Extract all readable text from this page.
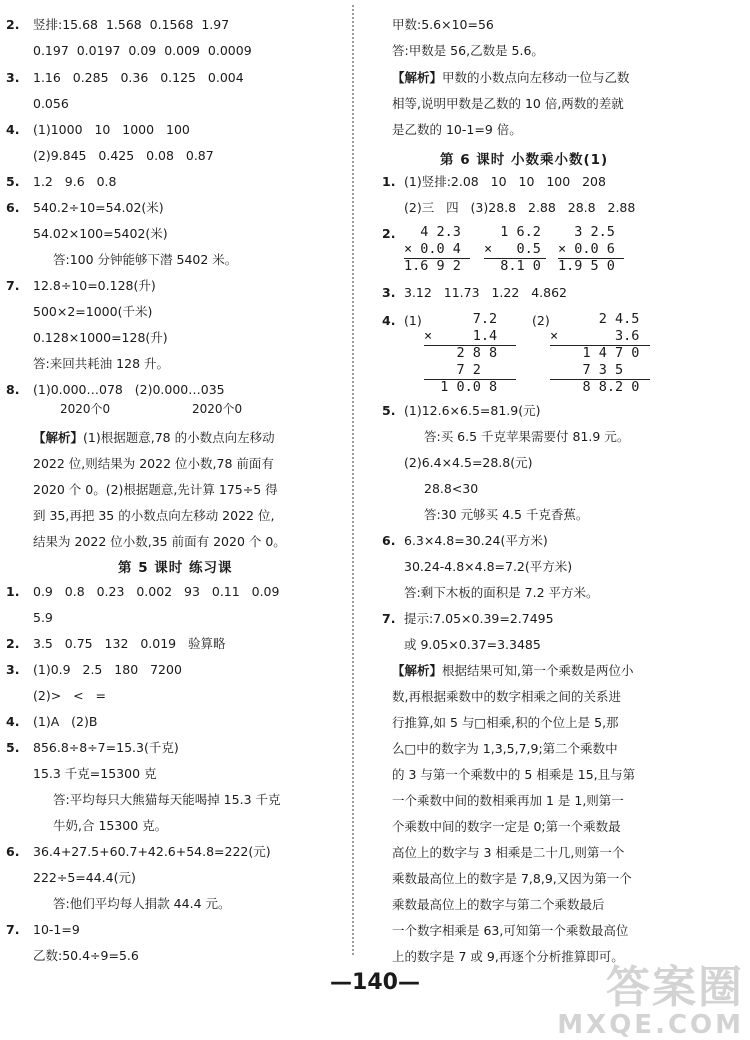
2. 竖排:15.68  1.568  0.1568  1.97
0.197  0.0197  0.09  0.009  0.0009
3. 1.16   0.285   0.36   0.125   0.004
0.056
4. (1)1000   10   1000   100
(2)9.845   0.425   0.08   0.87
5. 1.2   9.6   0.8
6. 540.2÷10=54.02(米)
54.02×100=5402(米)
答:100 分钟能够下潜 5402 米。
7. 12.8÷10=0.128(升)
500×2=1000(千米)
0.128×1000=128(升)
答:来回共耗油 128 升。
8. (1)0.000…078   (2)0.000…035
2020个0	2020个0
【解析】(1)根据题意,78 的小数点向左移动
2022 位,则结果为 2022 位小数,78 前面有
2020 个 0。(2)根据题意,先计算 175÷5 得
到 35,再把 35 的小数点向左移动 2022 位,
结果为 2022 位小数,35 前面有 2020 个 0。
第 5 课时 练习课
1. 0.9   0.8   0.23   0.002   93   0.11   0.09
5.9
2. 3.5   0.75   132   0.019   验算略
3. (1)0.9   2.5   180   7200
(2)>   <   =
4. (1)A   (2)B
5. 856.8÷8÷7=15.3(千克)
15.3 千克=15300 克
答:平均每只大熊猫每天能喝掉 15.3 千克
牛奶,合 15300 克。
6. 36.4+27.5+60.7+42.6+54.8=222(元)
222÷5=44.4(元)
答:他们平均每人捐款 44.4 元。
7. 10-1=9
乙数:50.4÷9=5.6
甲数:5.6×10=56
答:甲数是 56,乙数是 5.6。
【解析】甲数的小数点向左移动一位与乙数
相等,说明甲数是乙数的 10 倍,两数的差就
是乙数的 10-1=9 倍。
第 6 课时 小数乘小数(1)
1. (1)竖排:2.08   10   10   100   208
(2)三   四   (3)28.8   2.88   28.8   2.88
2. 4 2.3
× 0.0 4
1.6 9 2
1 6.2
×   0.5
8.1 0
3 2.5
× 0.0 6
1.9 5 0
3. 3.12   11.73   1.22   4.862
4. (1)	(2)
7.2
×     1.4
2 8 8
7 2
1 0.0 8
2 4.5
×       3.6
1 4 7 0
7 3 5
8 8.2 0
5. (1)12.6×6.5=81.9(元)
答:买 6.5 千克苹果需要付 81.9 元。
(2)6.4×4.5=28.8(元)
28.8<30
答:30 元够买 4.5 千克香蕉。
6. 6.3×4.8=30.24(平方米)
30.24-4.8×4.8=7.2(平方米)
答:剩下木板的面积是 7.2 平方米。
7. 提示:7.05×0.39=2.7495
或 9.05×0.37=3.3485
【解析】根据结果可知,第一个乘数是两位小
数,再根据乘数中的数字相乘之间的关系进
行推算,如 5 与□相乘,积的个位上是 5,那
么□中的数字为 1,3,5,7,9;第二个乘数中
的 3 与第一个乘数中的 5 相乘是 15,且与第
一个乘数中间的数相乘再加 1 是 1,则第一
个乘数中间的数字一定是 0;第一个乘数最
高位上的数字与 3 相乘是二十几,则第一个
乘数最高位上的数字是 7,8,9,又因为第一个
乘数最高位上的数字与第二个乘数最后
一个数字相乘是 63,可知第一个乘数最高位
上的数字是 7 或 9,再逐个分析推算即可。
—140—	答案圈
MXQE.COM
